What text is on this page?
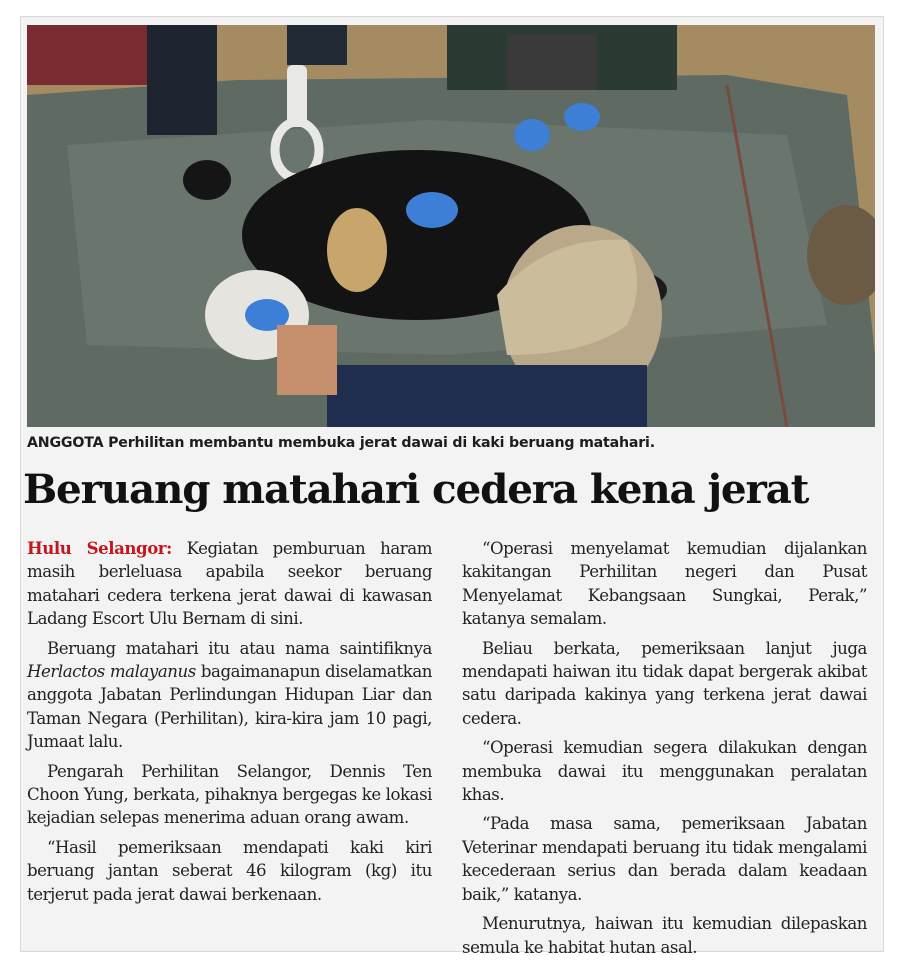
ANGGOTA Perhilitan membantu membuka jerat dawai di kaki beruang matahari.
Beruang matahari cedera kena jerat

Hulu Selangor: Kegiatan pemburuan haram masih berleluasa apabila seekor beruang matahari cedera terkena jerat dawai di kawasan Ladang Escort Ulu Bernam di sini.

Beruang matahari itu atau nama saintifiknya Herlactos malayanus bagaimanapun diselamatkan anggota Jabatan Perlindungan Hidupan Liar dan Taman Negara (Perhilitan), kira-kira jam 10 pagi, Jumaat lalu.

Pengarah Perhilitan Selangor, Dennis Ten Choon Yung, berkata, pihaknya bergegas ke lokasi kejadian selepas menerima aduan orang awam.

“Hasil pemeriksaan mendapati kaki kiri beruang jantan seberat 46 kilogram (kg) itu terjerut pada jerat dawai berkenaan.

“Operasi menyelamat kemudian dijalankan kakitangan Perhilitan negeri dan Pusat Menyelamat Kebangsaan Sungkai, Perak,” katanya semalam.

Beliau berkata, pemeriksaan lanjut juga mendapati haiwan itu tidak dapat bergerak akibat satu daripada kakinya yang terkena jerat dawai cedera.

“Operasi kemudian segera dilakukan dengan membuka dawai itu menggunakan peralatan khas.

“Pada masa sama, pemeriksaan Jabatan Veterinar mendapati beruang itu tidak mengalami kecederaan serius dan berada dalam keadaan baik,” katanya.

Menurutnya, haiwan itu kemudian dilepaskan semula ke habitat hutan asal.
